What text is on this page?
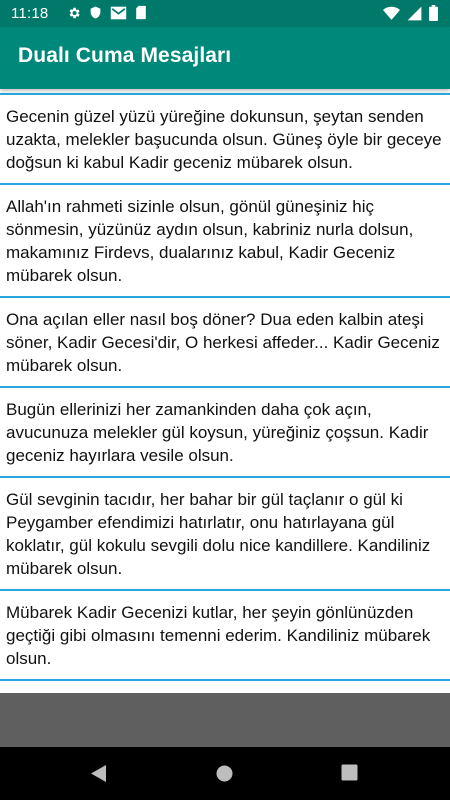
11:18
Dualı Cuma Mesajları
Gecenin güzel yüzü yüreğine dokunsun, şeytan senden uzakta, melekler başucunda olsun. Güneş öyle bir geceye doğsun ki kabul Kadir geceniz mübarek olsun.
Allah'ın rahmeti sizinle olsun, gönül güneşiniz hiç sönmesin, yüzünüz aydın olsun, kabriniz nurla dolsun, makamınız Firdevs, dualarınız kabul, Kadir Geceniz mübarek olsun.
Ona açılan eller nasıl boş döner? Dua eden kalbin ateşi söner, Kadir Gecesi'dir, O herkesi affeder... Kadir Geceniz mübarek olsun.
Bugün ellerinizi her zamankinden daha çok açın, avucunuza melekler gül koysun, yüreğiniz çoşsun. Kadir geceniz hayırlara vesile olsun.
Gül sevginin tacıdır, her bahar bir gül taçlanır o gül ki Peygamber efendimizi hatırlatır, onu hatırlayana gül koklatır, gül kokulu sevgili dolu nice kandillere. Kandiliniz mübarek olsun.
Mübarek Kadir Gecenizi kutlar, her şeyin gönlünüzden geçtiği gibi olmasını temenni ederim. Kandiliniz mübarek olsun.
